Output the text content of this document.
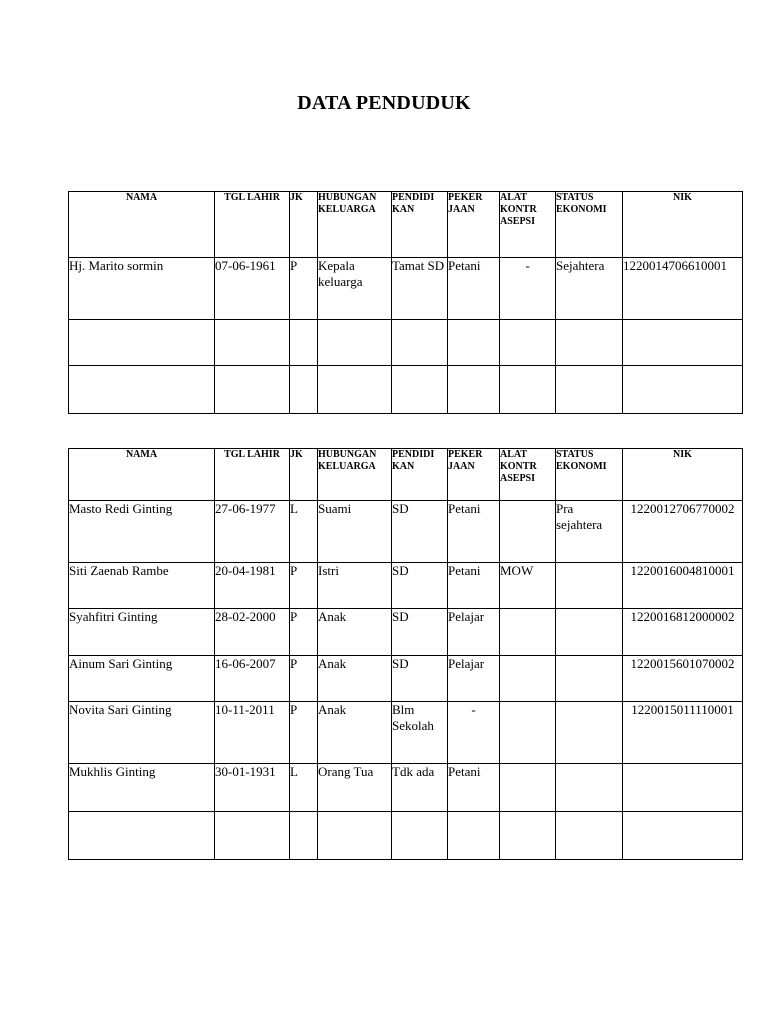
DATA PENDUDUK
NAMA	TGL LAHIR	JK	HUBUNGAN KELUARGA	PENDIDI KAN	PEKER JAAN	ALAT KONTR ASEPSI	STATUS EKONOMI	NIK
Hj. Marito sormin	07-06-1961	P	Kepala keluarga	Tamat SD	Petani	-	Sejahtera	1220014706610001

NAMA	TGL LAHIR	JK	HUBUNGAN KELUARGA	PENDIDI KAN	PEKER JAAN	ALAT KONTR ASEPSI	STATUS EKONOMI	NIK
Masto Redi Ginting	27-06-1977	L	Suami	SD	Petani		Pra sejahtera	1220012706770002
Siti Zaenab Rambe	20-04-1981	P	Istri	SD	Petani	MOW		1220016004810001
Syahfitri Ginting	28-02-2000	P	Anak	SD	Pelajar			1220016812000002
Ainum Sari Ginting	16-06-2007	P	Anak	SD	Pelajar			1220015601070002
Novita Sari Ginting	10-11-2011	P	Anak	Blm Sekolah	-			1220015011110001
Mukhlis Ginting	30-01-1931	L	Orang Tua	Tdk ada	Petani			
